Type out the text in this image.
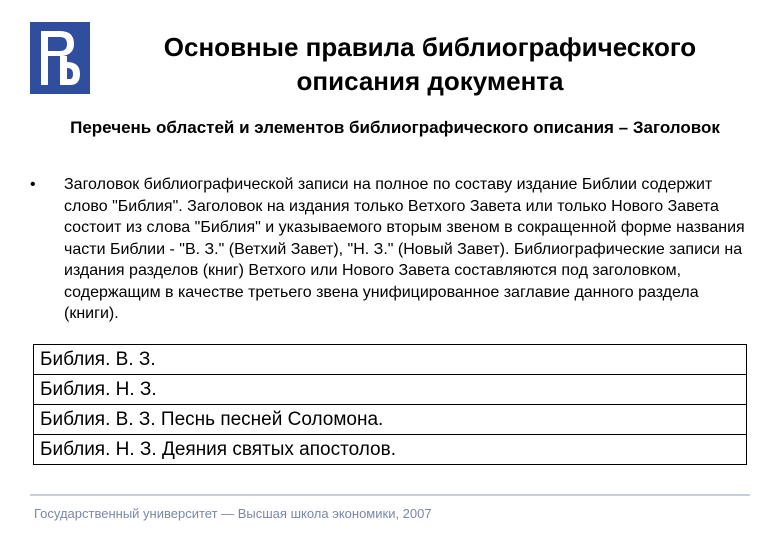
Основные правила библиографического описания документа
Перечень областей и элементов библиографического описания – Заголовок
•	Заголовок библиографической записи на полное по составу издание Библии содержит слово "Библия". Заголовок на издания только Ветхого Завета или только Нового Завета состоит из слова "Библия" и указываемого вторым звеном в сокращенной форме названия части Библии - "В. З." (Ветхий Завет), "Н. З." (Новый Завет). Библиографические записи на издания разделов (книг) Ветхого или Нового Завета составляются под заголовком, содержащим в качестве третьего звена унифицированное заглавие данного раздела (книги).
Библия. В. З.
Библия. Н. З.
Библия. В. З. Песнь песней Соломона.
Библия. Н. З. Деяния святых апостолов.
Государственный университет — Высшая школа экономики, 2007
